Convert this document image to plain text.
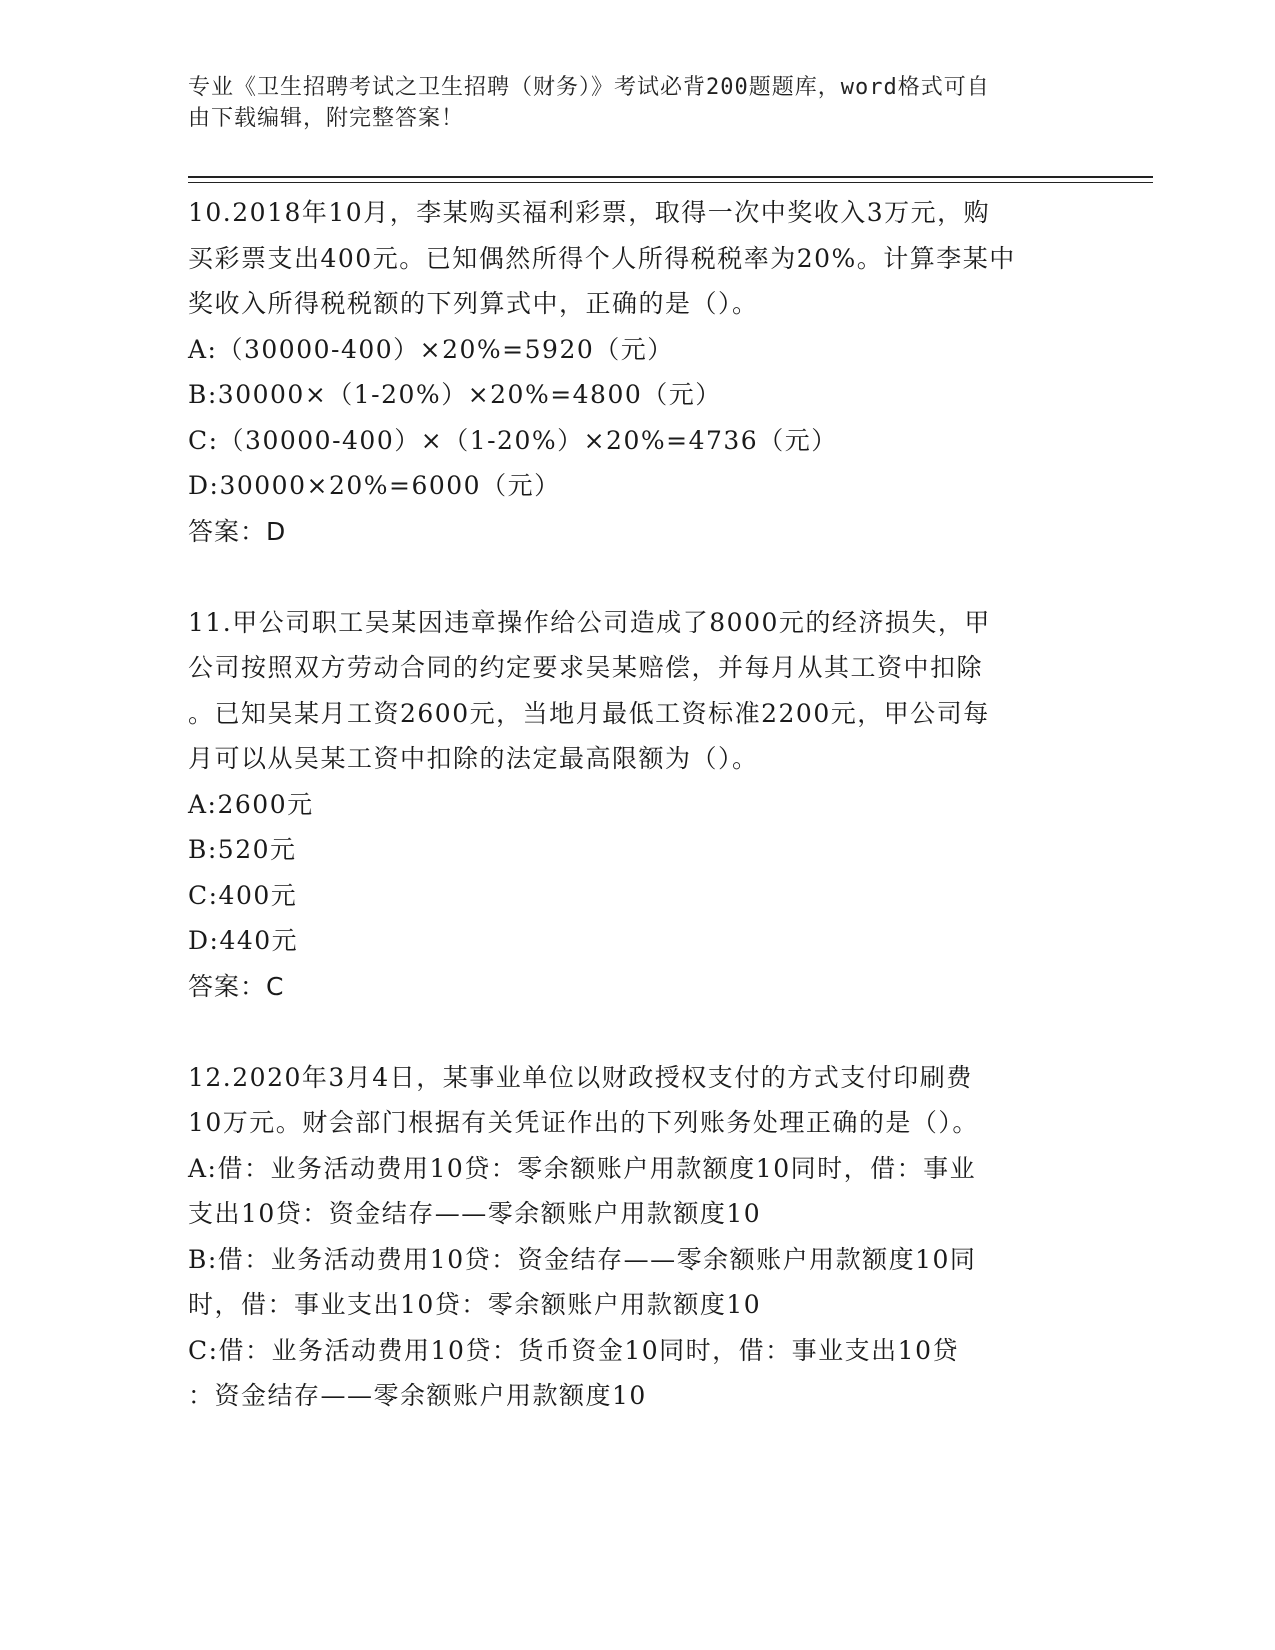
专业《卫生招聘考试之卫生招聘（财务）》考试必背200题题库，word格式可自
由下载编辑，附完整答案！

10.2018年10月，李某购买福利彩票，取得一次中奖收入3万元，购

买彩票支出400元。已知偶然所得个人所得税税率为20%。计算李某中

奖收入所得税税额的下列算式中，正确的是（）。

A:（30000-400）×20%=5920（元）

B:30000×（1-20%）×20%=4800（元）

C:（30000-400）×（1-20%）×20%=4736（元）

D:30000×20%=6000（元）

答案：D

11.甲公司职工吴某因违章操作给公司造成了8000元的经济损失，甲

公司按照双方劳动合同的约定要求吴某赔偿，并每月从其工资中扣除

。已知吴某月工资2600元，当地月最低工资标准2200元，甲公司每

月可以从吴某工资中扣除的法定最高限额为（）。

A:2600元

B:520元

C:400元

D:440元

答案：C

12.2020年3月4日，某事业单位以财政授权支付的方式支付印刷费

10万元。财会部门根据有关凭证作出的下列账务处理正确的是（）。

A:借：业务活动费用10贷：零余额账户用款额度10同时，借：事业

支出10贷：资金结存——零余额账户用款额度10

B:借：业务活动费用10贷：资金结存——零余额账户用款额度10同

时，借：事业支出10贷：零余额账户用款额度10

C:借：业务活动费用10贷：货币资金10同时，借：事业支出10贷

：资金结存——零余额账户用款额度10
